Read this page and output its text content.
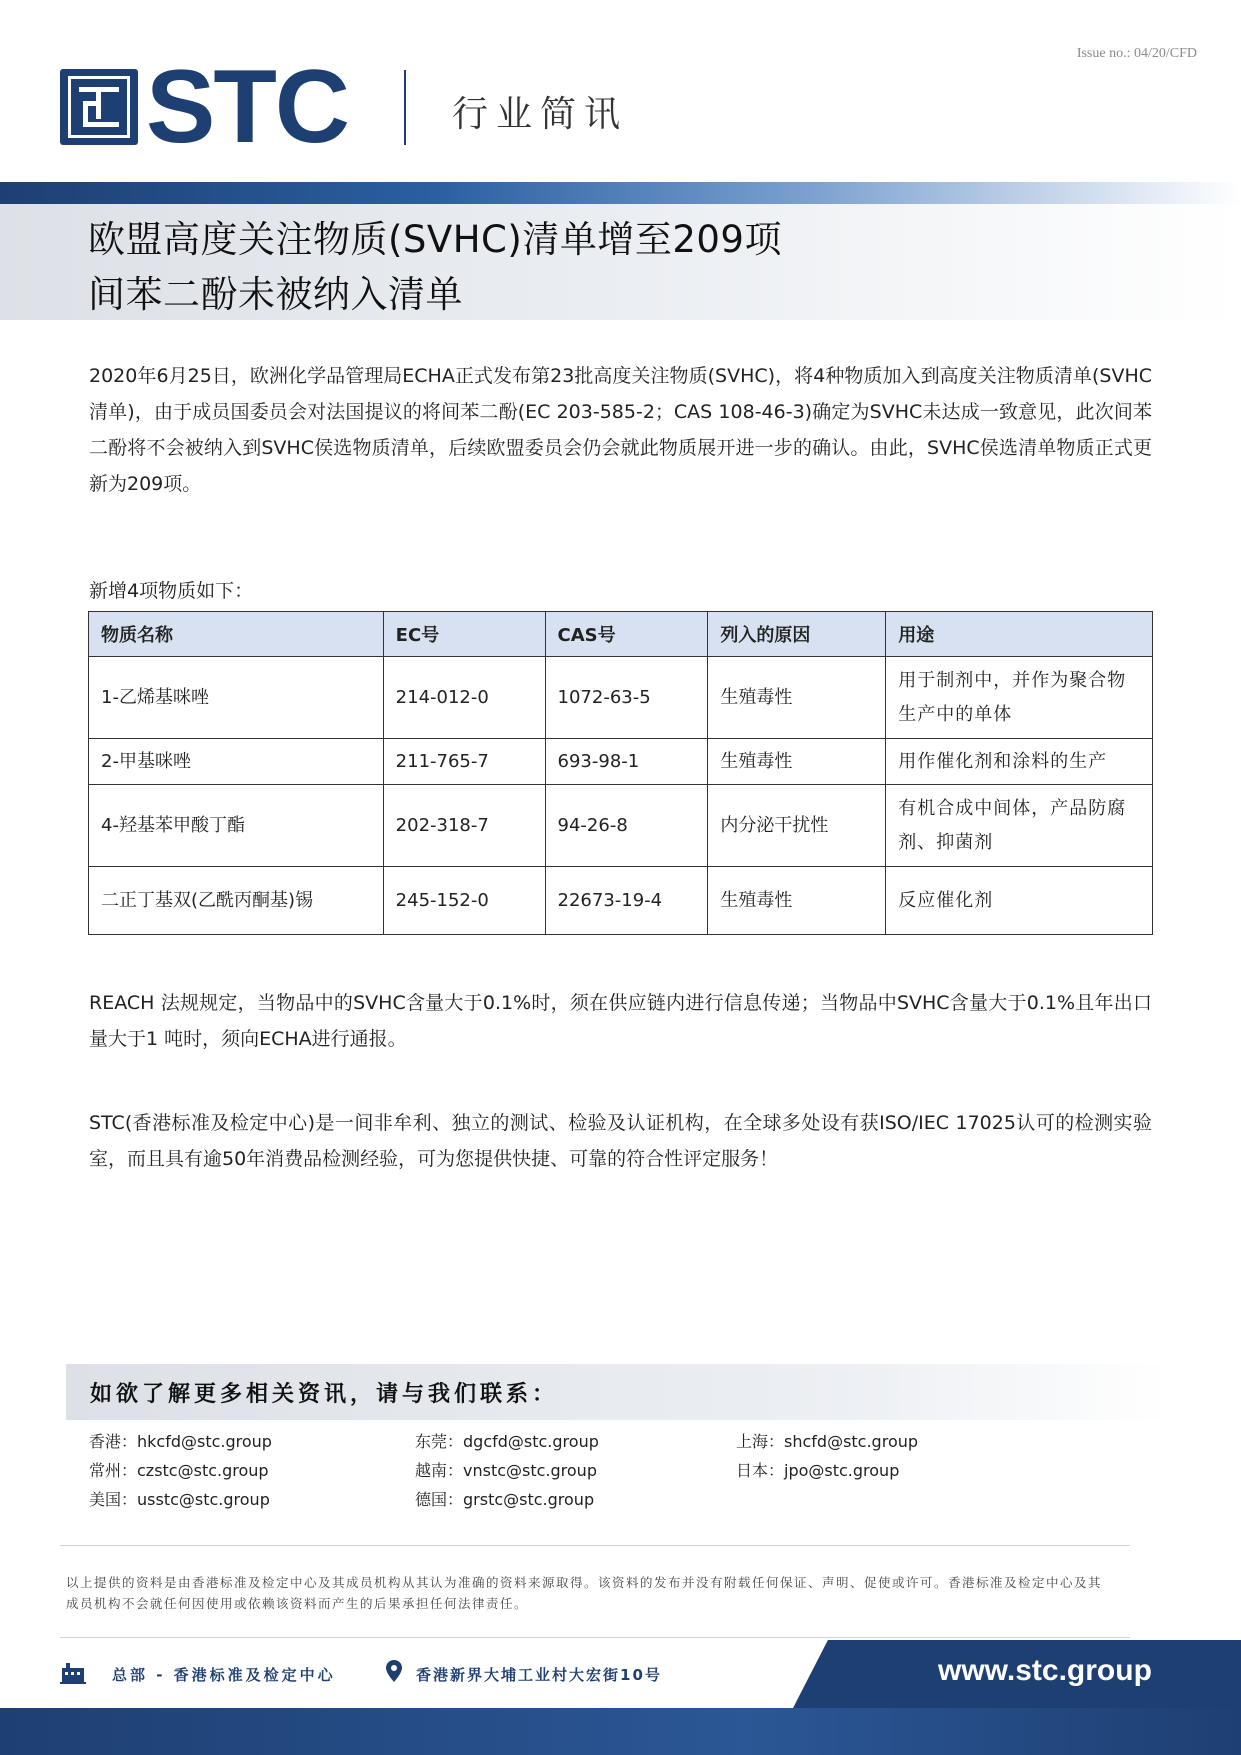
Issue no.: 04/20/CFD
STC	行业简讯
欧盟高度关注物质(SVHC)清单增至209项
间苯二酚未被纳入清单
2020年6月25日，欧洲化学品管理局ECHA正式发布第23批高度关注物质(SVHC)，将4种物质加入到高度关注物质清单(SVHC清单)，由于成员国委员会对法国提议的将间苯二酚(EC 203-585-2；CAS 108-46-3)确定为SVHC未达成一致意见，此次间苯二酚将不会被纳入到SVHC侯选物质清单，后续欧盟委员会仍会就此物质展开进一步的确认。由此，SVHC侯选清单物质正式更新为209项。
新增4项物质如下：
物质名称	EC号	CAS号	列入的原因	用途
1-乙烯基咪唑	214-012-0	1072-63-5	生殖毒性	用于制剂中，并作为聚合物生产中的单体
2-甲基咪唑	211-765-7	693-98-1	生殖毒性	用作催化剂和涂料的生产
4-羟基苯甲酸丁酯	202-318-7	94-26-8	内分泌干扰性	有机合成中间体，产品防腐剂、抑菌剂
二正丁基双(乙酰丙酮基)锡	245-152-0	22673-19-4	生殖毒性	反应催化剂
REACH 法规规定，当物品中的SVHC含量大于0.1%时，须在供应链内进行信息传递；当物品中SVHC含量大于0.1%且年出口量大于1 吨时，须向ECHA进行通报。
STC(香港标准及检定中心)是一间非牟利、独立的测试、检验及认证机构，在全球多处设有获ISO/IEC 17025认可的检测实验室，而且具有逾50年消费品检测经验，可为您提供快捷、可靠的符合性评定服务！
如欲了解更多相关资讯，请与我们联系：
香港：hkcfd@stc.group	东莞：dgcfd@stc.group	上海：shcfd@stc.group
常州：czstc@stc.group	越南：vnstc@stc.group	日本：jpo@stc.group
美国：usstc@stc.group	德国：grstc@stc.group
以上提供的资料是由香港标准及检定中心及其成员机构从其认为准确的资料来源取得。该资料的发布并没有附载任何保证、声明、促使或许可。香港标准及检定中心及其成员机构不会就任何因使用或依赖该资料而产生的后果承担任何法律责任。
总部 - 香港标准及检定中心	香港新界大埔工业村大宏街10号	www.stc.group
